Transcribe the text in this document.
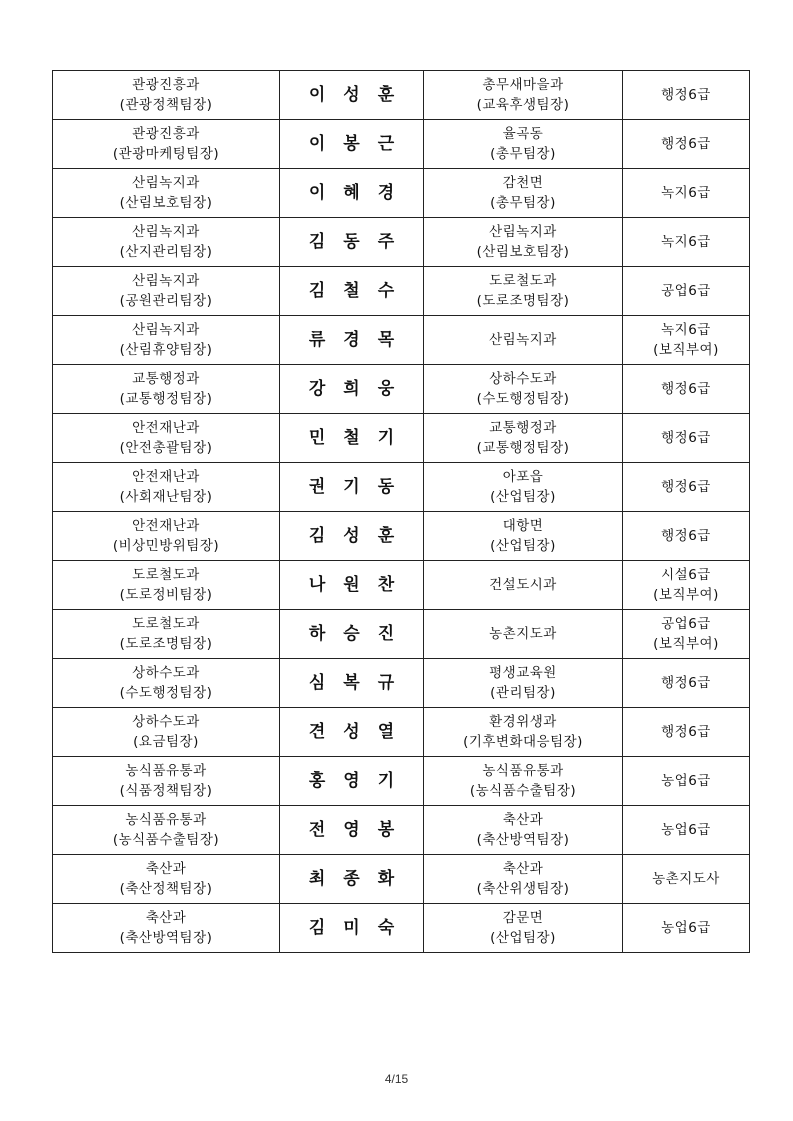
관광진흥과
(관광정책팀장)	이성훈	총무새마을과
(교육후생팀장)	행정6급

관광진흥과
(관광마케팅팀장)	이봉근	율곡동
(총무팀장)	행정6급

산림녹지과
(산림보호팀장)	이혜경	감천면
(총무팀장)	녹지6급

산림녹지과
(산지관리팀장)	김동주	산림녹지과
(산림보호팀장)	녹지6급

산림녹지과
(공원관리팀장)	김철수	도로철도과
(도로조명팀장)	공업6급

산림녹지과
(산림휴양팀장)	류경목	산림녹지과	녹지6급
(보직부여)

교통행정과
(교통행정팀장)	강희웅	상하수도과
(수도행정팀장)	행정6급

안전재난과
(안전총괄팀장)	민철기	교통행정과
(교통행정팀장)	행정6급

안전재난과
(사회재난팀장)	권기동	아포읍
(산업팀장)	행정6급

안전재난과
(비상민방위팀장)	김성훈	대항면
(산업팀장)	행정6급

도로철도과
(도로정비팀장)	나원찬	건설도시과	시설6급
(보직부여)

도로철도과
(도로조명팀장)	하승진	농촌지도과	공업6급
(보직부여)

상하수도과
(수도행정팀장)	심복규	평생교육원
(관리팀장)	행정6급

상하수도과
(요금팀장)	견성열	환경위생과
(기후변화대응팀장)	행정6급

농식품유통과
(식품정책팀장)	홍영기	농식품유통과
(농식품수출팀장)	농업6급

농식품유통과
(농식품수출팀장)	전영봉	축산과
(축산방역팀장)	농업6급

축산과
(축산정책팀장)	최종화	축산과
(축산위생팀장)	농촌지도사

축산과
(축산방역팀장)	김미숙	감문면
(산업팀장)	농업6급
4/15
